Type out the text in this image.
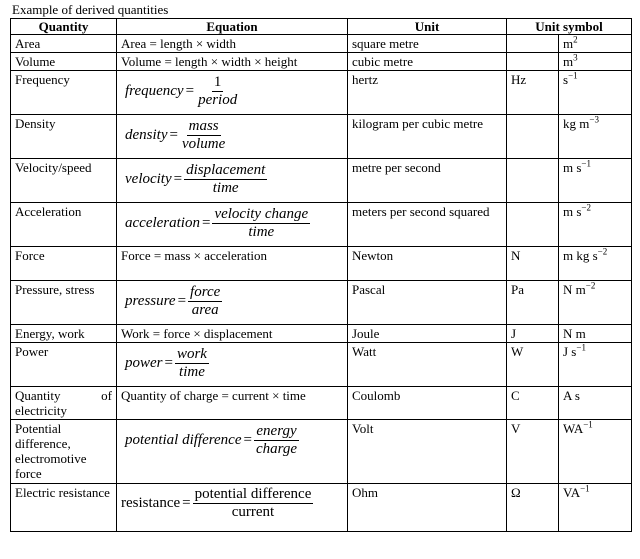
Example of derived quantities
Quantity	Equation	Unit	Unit symbol	
Area	Area = length × width	square metre		$m^2$
Volume	Volume = length × width × height	cubic metre		$m^3$
Frequency	frequency = $\frac{1}{\text{period}}$	hertz	Hz	$s^{-1}$
Density	density = $\frac{\text{mass}}{\text{volume}}$	kilogram per cubic metre		kg $m^{-3}$
Velocity/speed	velocity = $\frac{\text{displacement}}{\text{time}}$	metre per second		m $s^{-1}$
Acceleration	acceleration = $\frac{\text{velocity change}}{\text{time}}$	meters per second squared		m $s^{-2}$
Force	Force = mass × acceleration	Newton	N	m kg $s^{-2}$
Pressure, stress	pressure = $\frac{\text{force}}{\text{area}}$	Pascal	Pa	N $m^{-2}$
Energy, work	Work = force × displacement	Joule	J	N m
Power	power = $\frac{\text{work}}{\text{time}}$	Watt	W	J $s^{-1}$
Quantity of electricity	Quantity of charge = current × time	Coulomb	C	A s
Potential difference, electromotive force	potential difference = $\frac{\text{energy}}{\text{charge}}$	Volt	V	$WA^{-1}$
Electric resistance	resistance = $\frac{\text{potential difference}}{\text{current}}$	Ohm	Ω	$VA^{-1}$
